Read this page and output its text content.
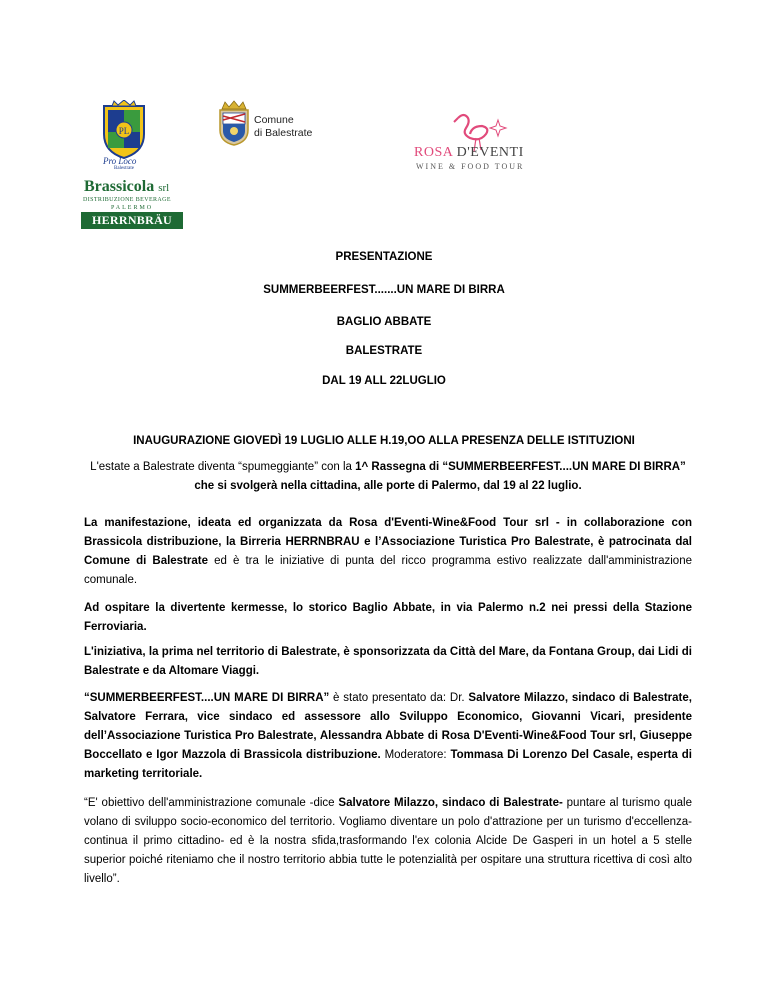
PL
Pro Loco
Balestrate
Comune
di Balestrate
ROSA D'EVENTI
WINE & FOOD TOUR
Brassicola srl
DISTRIBUZIONE BEVERAGE
PALERMO
HERRNBRÄU
PRESENTAZIONE
SUMMERBEERFEST.......UN MARE DI BIRRA
BAGLIO ABBATE
BALESTRATE
DAL 19 ALL 22LUGLIO
INAUGURAZIONE GIOVEDÌ 19 LUGLIO ALLE H.19,OO ALLA PRESENZA DELLE ISTITUZIONI
L'estate a Balestrate diventa “spumeggiante” con la 1^ Rassegna di “SUMMERBEERFEST....UN MARE DI BIRRA” che si svolgerà nella cittadina, alle porte di Palermo, dal 19 al 22 luglio.
La manifestazione, ideata ed organizzata da Rosa d'Eventi-Wine&Food Tour srl - in collaborazione con Brassicola distribuzione, la Birreria HERRNBRAU e l’Associazione Turistica Pro Balestrate, è patrocinata dal Comune di Balestrate ed è tra le iniziative di punta del ricco programma estivo realizzate dall'amministrazione comunale.
Ad ospitare la divertente kermesse, lo storico Baglio Abbate, in via Palermo n.2 nei pressi della Stazione Ferroviaria.
L'iniziativa, la prima nel territorio di Balestrate, è sponsorizzata da Città del Mare, da Fontana Group, dai Lidi di Balestrate e da Altomare Viaggi.
“SUMMERBEERFEST....UN MARE DI BIRRA” è stato presentato da: Dr. Salvatore Milazzo, sindaco di Balestrate, Salvatore Ferrara, vice sindaco ed assessore allo Sviluppo Economico, Giovanni Vicari, presidente dell’Associazione Turistica Pro Balestrate, Alessandra Abbate di Rosa D'Eventi-Wine&Food Tour srl, Giuseppe Boccellato e Igor Mazzola di Brassicola distribuzione. Moderatore: Tommasa Di Lorenzo Del Casale, esperta di marketing territoriale.
“E' obiettivo dell'amministrazione comunale -dice Salvatore Milazzo, sindaco di Balestrate- puntare al turismo quale volano di sviluppo socio-economico del territorio. Vogliamo diventare un polo d'attrazione per un turismo d'eccellenza-continua il primo cittadino- ed è la nostra sfida,trasformando l'ex colonia Alcide De Gasperi in un hotel a 5 stelle superior poiché riteniamo che il nostro territorio abbia tutte le potenzialità per ospitare una struttura ricettiva di così alto livello”.
